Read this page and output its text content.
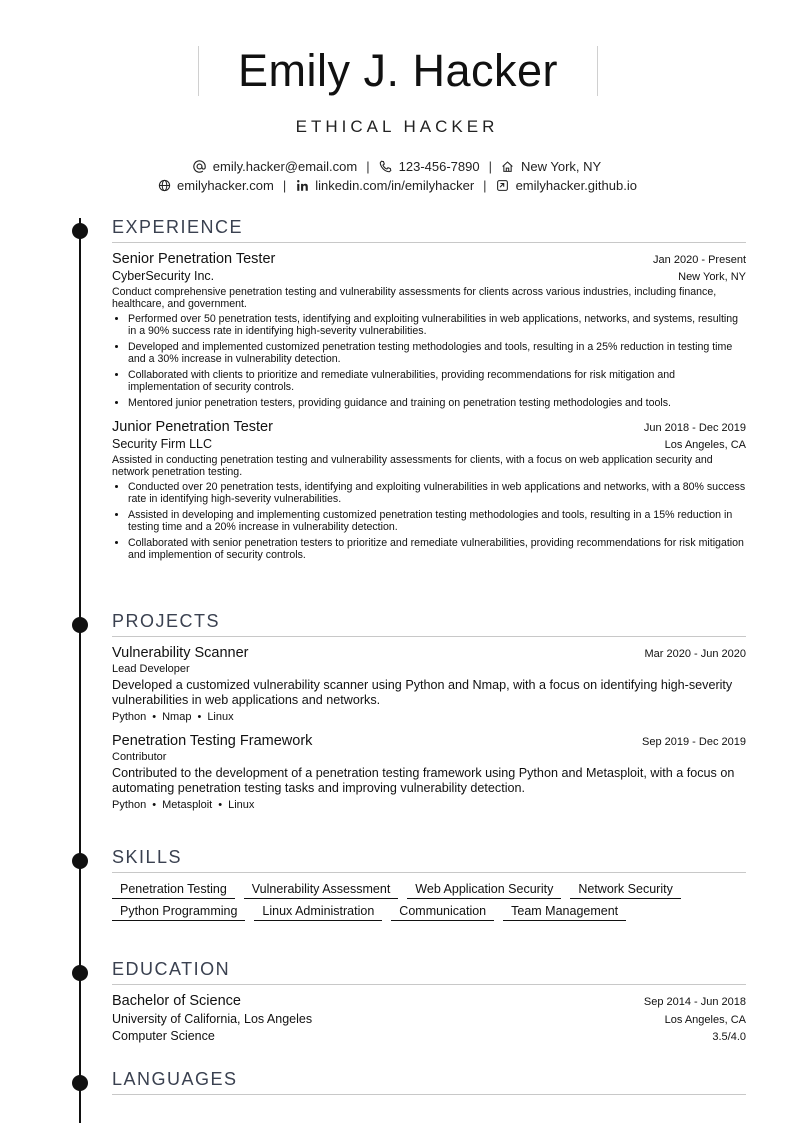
Emily J. Hacker
ETHICAL HACKER
emily.hacker@email.com | 123-456-7890 | New York, NY
emilyhacker.com | linkedin.com/in/emilyhacker | emilyhacker.github.io
EXPERIENCE
Senior Penetration Tester	Jan 2020 - Present
CyberSecurity Inc.	New York, NY
Conduct comprehensive penetration testing and vulnerability assessments for clients across various industries, including finance, healthcare, and government.
• Performed over 50 penetration tests, identifying and exploiting vulnerabilities in web applications, networks, and systems, resulting in a 90% success rate in identifying high-severity vulnerabilities.
• Developed and implemented customized penetration testing methodologies and tools, resulting in a 25% reduction in testing time and a 30% increase in vulnerability detection.
• Collaborated with clients to prioritize and remediate vulnerabilities, providing recommendations for risk mitigation and implementation of security controls.
• Mentored junior penetration testers, providing guidance and training on penetration testing methodologies and tools.
Junior Penetration Tester	Jun 2018 - Dec 2019
Security Firm LLC	Los Angeles, CA
Assisted in conducting penetration testing and vulnerability assessments for clients, with a focus on web application security and network penetration testing.
• Conducted over 20 penetration tests, identifying and exploiting vulnerabilities in web applications and networks, with a 80% success rate in identifying high-severity vulnerabilities.
• Assisted in developing and implementing customized penetration testing methodologies and tools, resulting in a 15% reduction in testing time and a 20% increase in vulnerability detection.
• Collaborated with senior penetration testers to prioritize and remediate vulnerabilities, providing recommendations for risk mitigation and implemention of security controls.
PROJECTS
Vulnerability Scanner	Mar 2020 - Jun 2020
Lead Developer
Developed a customized vulnerability scanner using Python and Nmap, with a focus on identifying high-severity vulnerabilities in web applications and networks.
Python • Nmap • Linux
Penetration Testing Framework	Sep 2019 - Dec 2019
Contributor
Contributed to the development of a penetration testing framework using Python and Metasploit, with a focus on automating penetration testing tasks and improving vulnerability detection.
Python • Metasploit • Linux
SKILLS
Penetration Testing	Vulnerability Assessment	Web Application Security	Network Security
Python Programming	Linux Administration	Communication	Team Management
EDUCATION
Bachelor of Science	Sep 2014 - Jun 2018
University of California, Los Angeles	Los Angeles, CA
Computer Science	3.5/4.0
LANGUAGES
